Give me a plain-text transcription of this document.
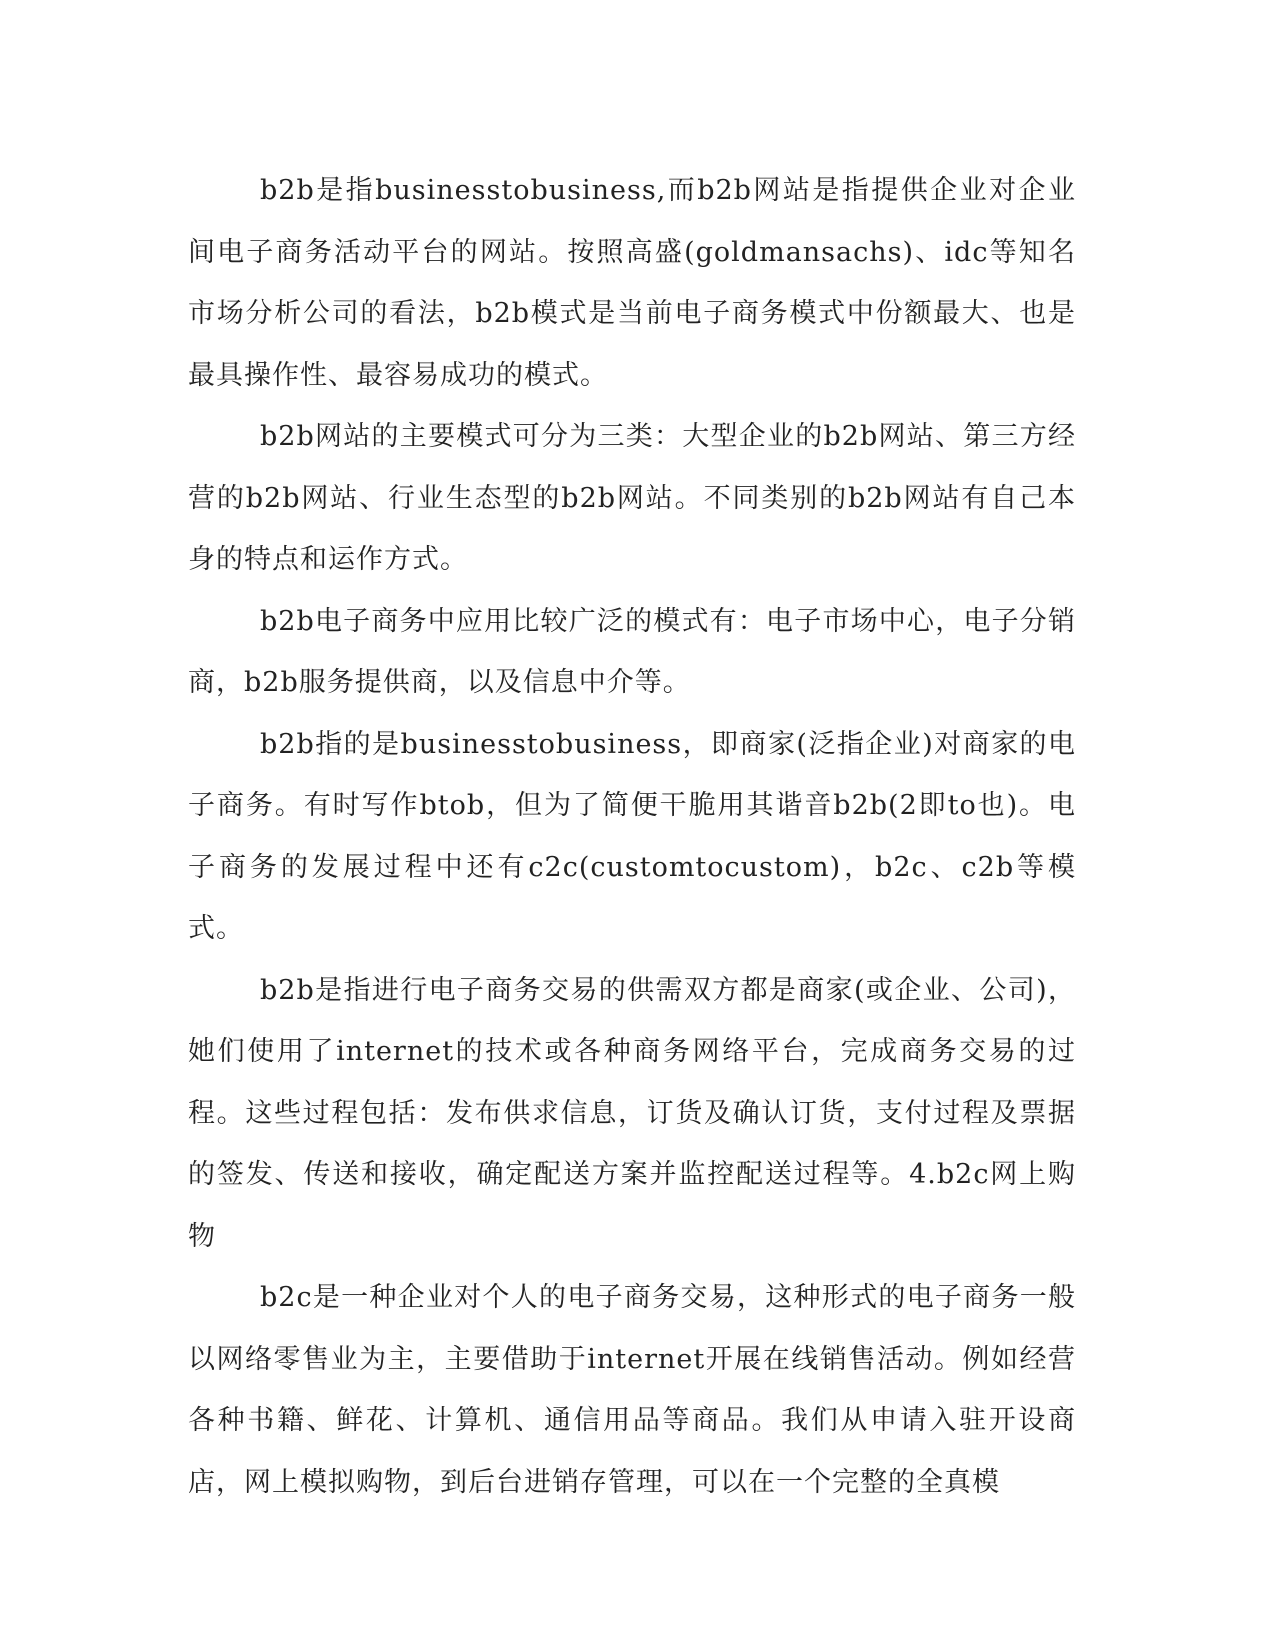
b2b是指businesstobusiness,而b2b网站是指提供企业对企业间电子商务活动平台的网站。按照高盛(goldmansachs)、idc等知名市场分析公司的看法，b2b模式是当前电子商务模式中份额最大、也是最具操作性、最容易成功的模式。

b2b网站的主要模式可分为三类：大型企业的b2b网站、第三方经营的b2b网站、行业生态型的b2b网站。不同类别的b2b网站有自己本身的特点和运作方式。

b2b电子商务中应用比较广泛的模式有：电子市场中心，电子分销商，b2b服务提供商，以及信息中介等。

b2b指的是businesstobusiness，即商家(泛指企业)对商家的电子商务。有时写作btob，但为了简便干脆用其谐音b2b(2即to也)。电子商务的发展过程中还有c2c(customtocustom)，b2c、c2b等模式。

b2b是指进行电子商务交易的供需双方都是商家(或企业、公司)，她们使用了internet的技术或各种商务网络平台，完成商务交易的过程。这些过程包括：发布供求信息，订货及确认订货，支付过程及票据的签发、传送和接收，确定配送方案并监控配送过程等。4.b2c网上购物

b2c是一种企业对个人的电子商务交易，这种形式的电子商务一般以网络零售业为主，主要借助于internet开展在线销售活动。例如经营各种书籍、鲜花、计算机、通信用品等商品。我们从申请入驻开设商店，网上模拟购物，到后台进销存管理，可以在一个完整的全真模
